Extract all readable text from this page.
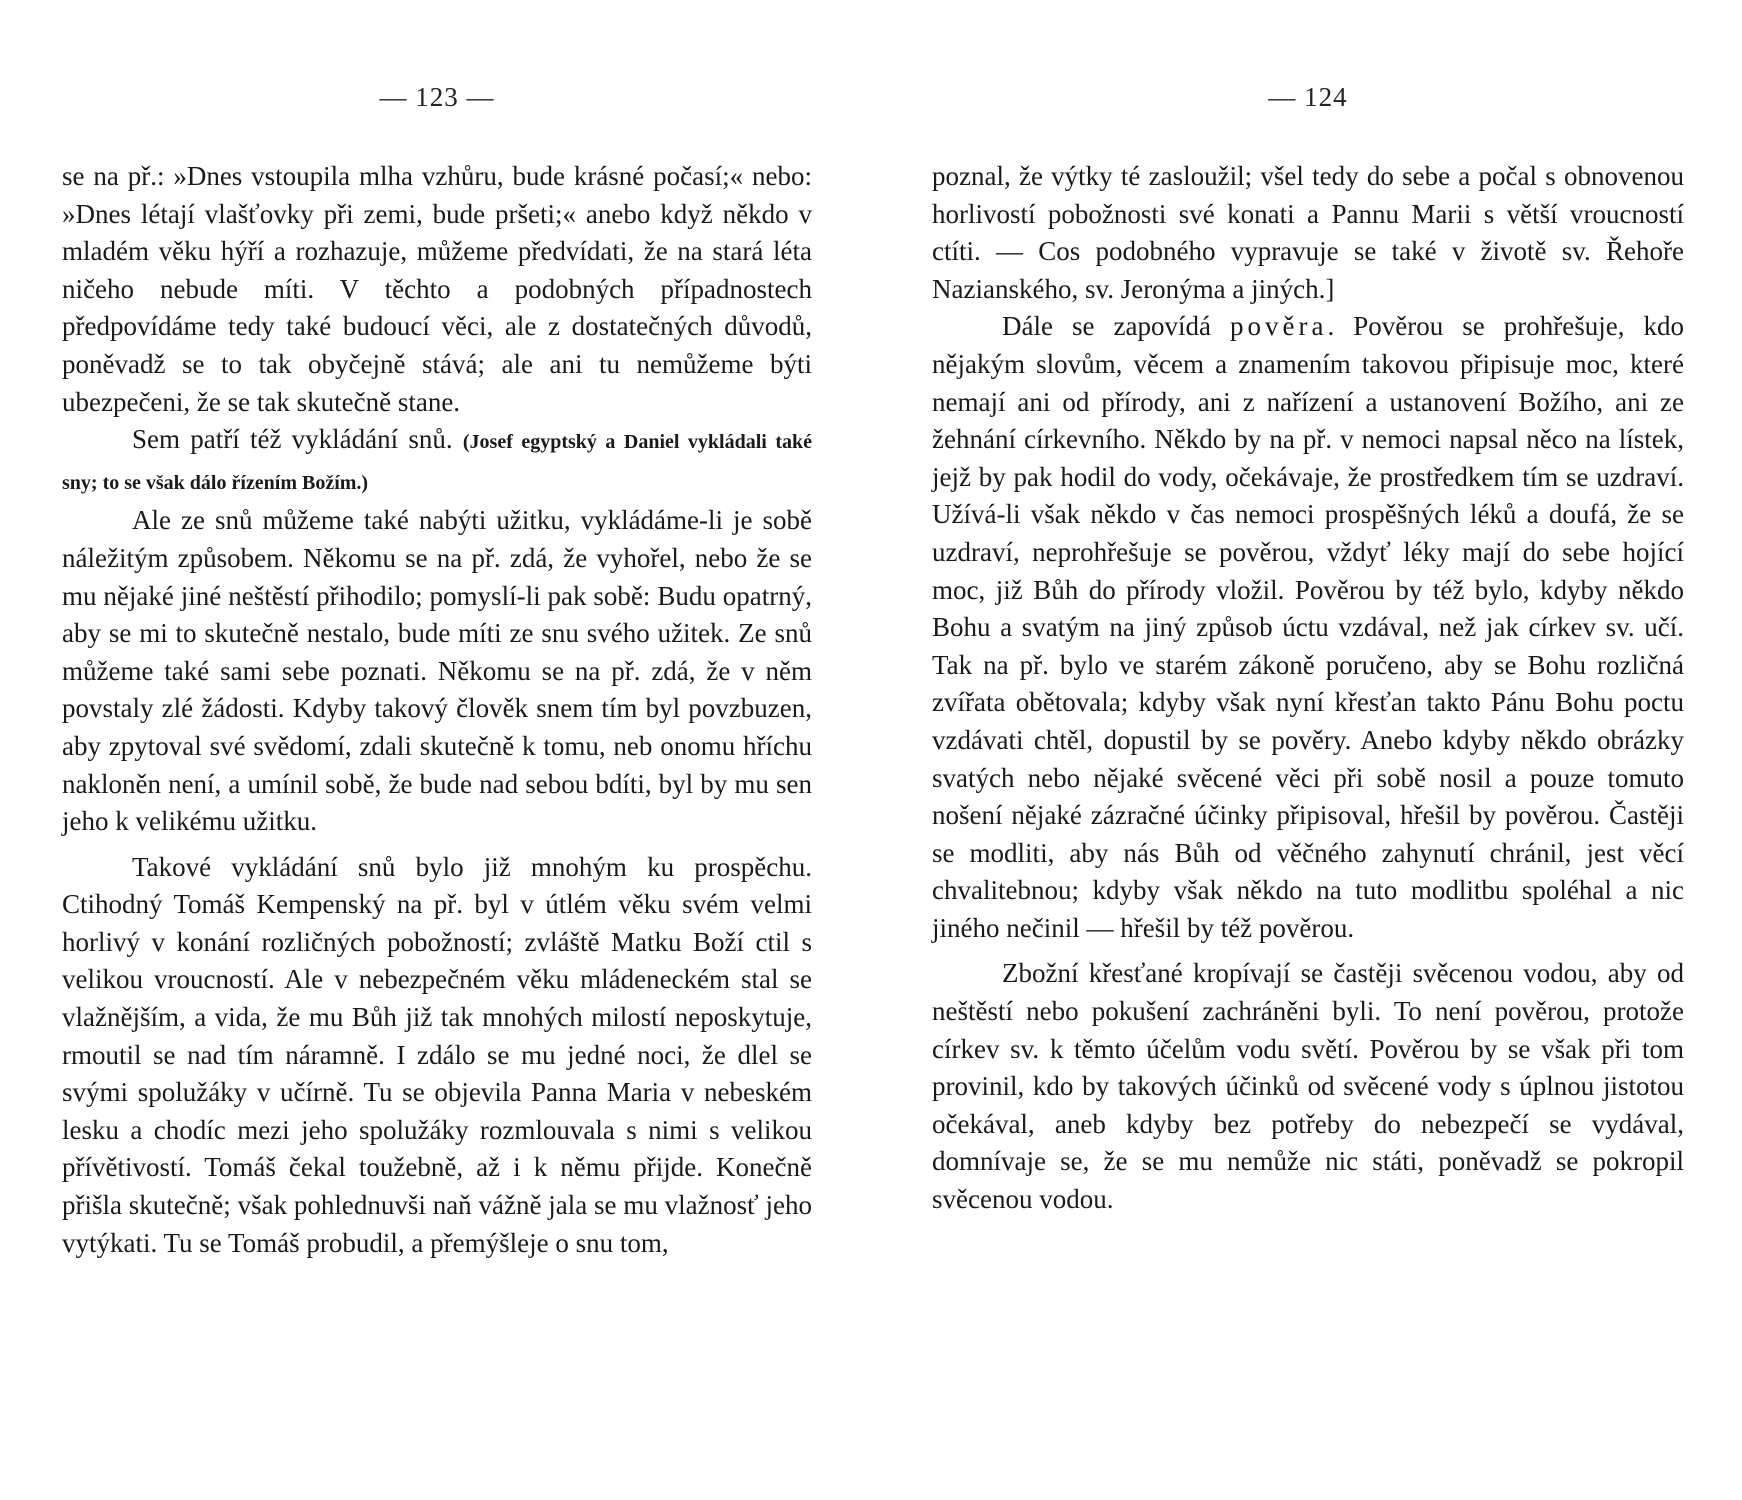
— 123 —

se na př.: »Dnes vstoupila mlha vzhůru, bude krásné počasí;« nebo: »Dnes létají vlašťovky při zemi, bude pršeti;« anebo když někdo v mladém věku hýří a rozhazuje, můžeme předvídati, že na stará léta ničeho nebude míti. V těchto a podobných případnostech předpovídáme tedy také budoucí věci, ale z dostatečných důvodů, poněvadž se to tak obyčejně stává; ale ani tu nemůžeme býti ubezpečeni, že se tak skutečně stane.

Sem patří též vykládání snů. (Josef egyptský a Daniel vykládali také sny; to se však dálo řízením Božím.)

Ale ze snů můžeme také nabýti užitku, vykládáme-li je sobě náležitým způsobem. Někomu se na př. zdá, že vyhořel, nebo že se mu nějaké jiné neštěstí přihodilo; pomyslí-li pak sobě: Budu opatrný, aby se mi to skutečně nestalo, bude míti ze snu svého užitek. Ze snů můžeme také sami sebe poznati. Někomu se na př. zdá, že v něm povstaly zlé žádosti. Kdyby takový člověk snem tím byl povzbuzen, aby zpytoval své svědomí, zdali skutečně k tomu, neb onomu hříchu nakloněn není, a umínil sobě, že bude nad sebou bdíti, byl by mu sen jeho k velikému užitku.

Takové vykládání snů bylo již mnohým ku prospěchu. Ctihodný Tomáš Kempenský na př. byl v útlém věku svém velmi horlivý v konání rozličných pobožností; zvláště Matku Boží ctil s velikou vroucností. Ale v nebezpečném věku mládeneckém stal se vlažnějším, a vida, že mu Bůh již tak mnohých milostí neposkytuje, rmoutil se nad tím náramně. I zdálo se mu jedné noci, že dlel se svými spolužáky v učírně. Tu se objevila Panna Maria v nebeském lesku a chodíc mezi jeho spolužáky rozmlouvala s nimi s velikou přívětivostí. Tomáš čekal toužebně, až i k němu přijde. Konečně přišla skutečně; však pohlednuvši naň vážně jala se mu vlažnosť jeho vytýkati. Tu se Tomáš probudil, a přemýšleje o snu tom,

— 124

poznal, že výtky té zasloužil; všel tedy do sebe a počal s obnovenou horlivostí pobožnosti své konati a Pannu Marii s větší vroucností ctíti. — Cos podobného vypravuje se také v životě sv. Řehoře Nazianského, sv. Jeronýma a jiných.]

Dále se zapovídá pověra. Pověrou se prohřešuje, kdo nějakým slovům, věcem a znamením takovou připisuje moc, které nemají ani od přírody, ani z nařízení a ustanovení Božího, ani ze žehnání církevního. Někdo by na př. v nemoci napsal něco na lístek, jejž by pak hodil do vody, očekávaje, že prostředkem tím se uzdraví. Užívá-li však někdo v čas nemoci prospěšných léků a doufá, že se uzdraví, neprohřešuje se pověrou, vždyť léky mají do sebe hojící moc, již Bůh do přírody vložil. Pověrou by též bylo, kdyby někdo Bohu a svatým na jiný způsob úctu vzdával, než jak církev sv. učí. Tak na př. bylo ve starém zákoně poručeno, aby se Bohu rozličná zvířata obětovala; kdyby však nyní křesťan takto Pánu Bohu poctu vzdávati chtěl, dopustil by se pověry. Anebo kdyby někdo obrázky svatých nebo nějaké svěcené věci při sobě nosil a pouze tomuto nošení nějaké zázračné účinky připisoval, hřešil by pověrou. Častěji se modliti, aby nás Bůh od věčného zahynutí chránil, jest věcí chvalitebnou; kdyby však někdo na tuto modlitbu spoléhal a nic jiného nečinil — hřešil by též pověrou.

Zbožní křesťané kropívají se častěji svěcenou vodou, aby od neštěstí nebo pokušení zachráněni byli. To není pověrou, protože církev sv. k těmto účelům vodu světí. Pověrou by se však při tom provinil, kdo by takových účinků od svěcené vody s úplnou jistotou očekával, aneb kdyby bez potřeby do nebezpečí se vydával, domnívaje se, že se mu nemůže nic státi, poněvadž se pokropil svěcenou vodou.
